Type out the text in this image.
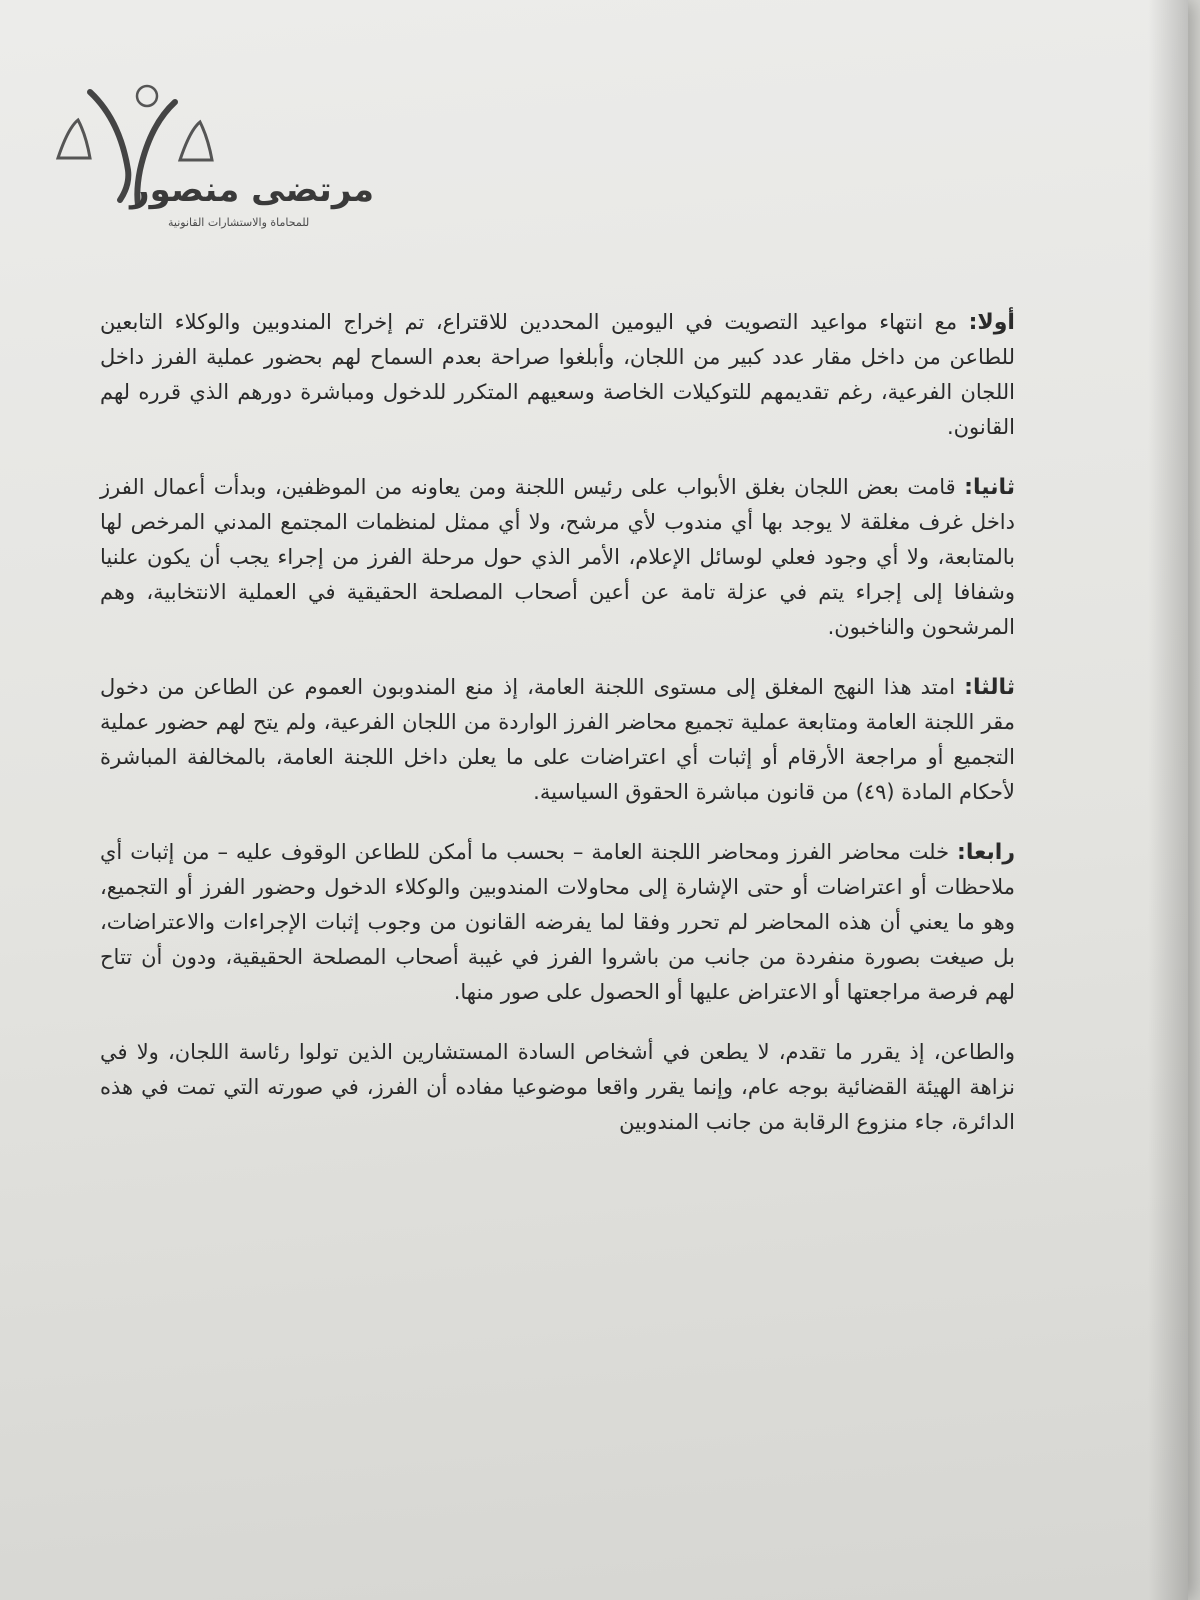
مرتضى منصور
للمحاماة والاستشارات القانونية

أولا: مع انتهاء مواعيد التصويت في اليومين المحددين للاقتراع، تم إخراج المندوبين والوكلاء التابعين للطاعن من داخل مقار عدد كبير من اللجان، وأبلغوا صراحة بعدم السماح لهم بحضور عملية الفرز داخل اللجان الفرعية، رغم تقديمهم للتوكيلات الخاصة وسعيهم المتكرر للدخول ومباشرة دورهم الذي قرره لهم القانون.

ثانيا: قامت بعض اللجان بغلق الأبواب على رئيس اللجنة ومن يعاونه من الموظفين، وبدأت أعمال الفرز داخل غرف مغلقة لا يوجد بها أي مندوب لأي مرشح، ولا أي ممثل لمنظمات المجتمع المدني المرخص لها بالمتابعة، ولا أي وجود فعلي لوسائل الإعلام، الأمر الذي حول مرحلة الفرز من إجراء يجب أن يكون علنيا وشفافا إلى إجراء يتم في عزلة تامة عن أعين أصحاب المصلحة الحقيقية في العملية الانتخابية، وهم المرشحون والناخبون.

ثالثا: امتد هذا النهج المغلق إلى مستوى اللجنة العامة، إذ منع المندوبون العموم عن الطاعن من دخول مقر اللجنة العامة ومتابعة عملية تجميع محاضر الفرز الواردة من اللجان الفرعية، ولم يتح لهم حضور عملية التجميع أو مراجعة الأرقام أو إثبات أي اعتراضات على ما يعلن داخل اللجنة العامة، بالمخالفة المباشرة لأحكام المادة (٤٩) من قانون مباشرة الحقوق السياسية.

رابعا: خلت محاضر الفرز ومحاضر اللجنة العامة – بحسب ما أمكن للطاعن الوقوف عليه – من إثبات أي ملاحظات أو اعتراضات أو حتى الإشارة إلى محاولات المندوبين والوكلاء الدخول وحضور الفرز أو التجميع، وهو ما يعني أن هذه المحاضر لم تحرر وفقا لما يفرضه القانون من وجوب إثبات الإجراءات والاعتراضات، بل صيغت بصورة منفردة من جانب من باشروا الفرز في غيبة أصحاب المصلحة الحقيقية، ودون أن تتاح لهم فرصة مراجعتها أو الاعتراض عليها أو الحصول على صور منها.

والطاعن، إذ يقرر ما تقدم، لا يطعن في أشخاص السادة المستشارين الذين تولوا رئاسة اللجان، ولا في نزاهة الهيئة القضائية بوجه عام، وإنما يقرر واقعا موضوعيا مفاده أن الفرز، في صورته التي تمت في هذه الدائرة، جاء منزوع الرقابة من جانب المندوبين
